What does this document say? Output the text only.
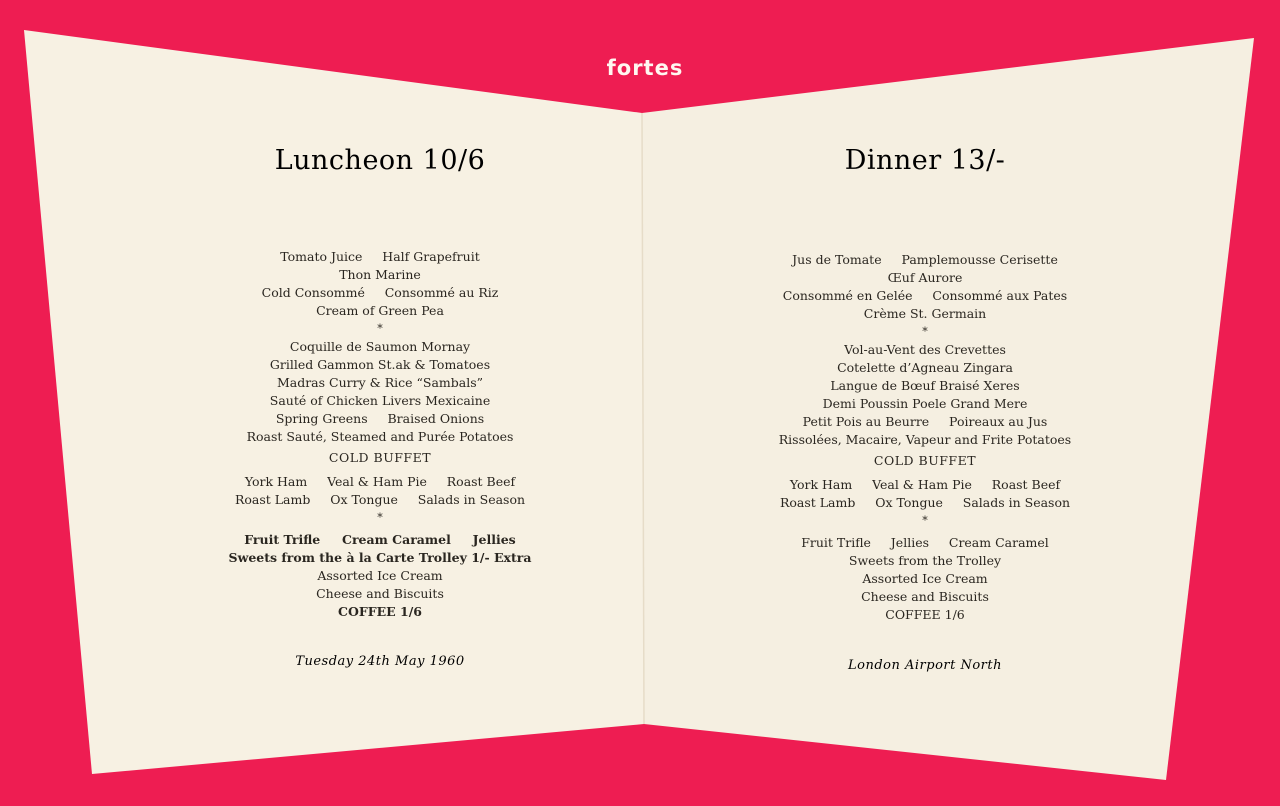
fortes
Luncheon 10/6
Tomato Juice     Half Grapefruit
Thon Marine
Cold Consommé     Consommé au Riz
Cream of Green Pea
*
Coquille de Saumon Mornay
Grilled Gammon St.ak & Tomatoes
Madras Curry & Rice “Sambals”
Sauté of Chicken Livers Mexicaine
Spring Greens     Braised Onions
Roast Sauté, Steamed and Purée Potatoes
COLD BUFFET
York Ham     Veal & Ham Pie     Roast Beef
Roast Lamb     Ox Tongue     Salads in Season
*
Fruit Trifle     Cream Caramel     Jellies
Sweets from the à la Carte Trolley 1/- Extra
Assorted Ice Cream
Cheese and Biscuits
COFFEE 1/6
Tuesday 24th May 1960
Dinner 13/-
Jus de Tomate     Pamplemousse Cerisette
Œuf Aurore
Consommé en Gelée     Consommé aux Pates
Crème St. Germain
*
Vol-au-Vent des Crevettes
Cotelette d’Agneau Zingara
Langue de Bœuf Braisé Xeres
Demi Poussin Poele Grand Mere
Petit Pois au Beurre     Poireaux au Jus
Rissolées, Macaire, Vapeur and Frite Potatoes
COLD BUFFET
York Ham     Veal & Ham Pie     Roast Beef
Roast Lamb     Ox Tongue     Salads in Season
*
Fruit Trifle     Jellies     Cream Caramel
Sweets from the Trolley
Assorted Ice Cream
Cheese and Biscuits
COFFEE 1/6
London Airport North
